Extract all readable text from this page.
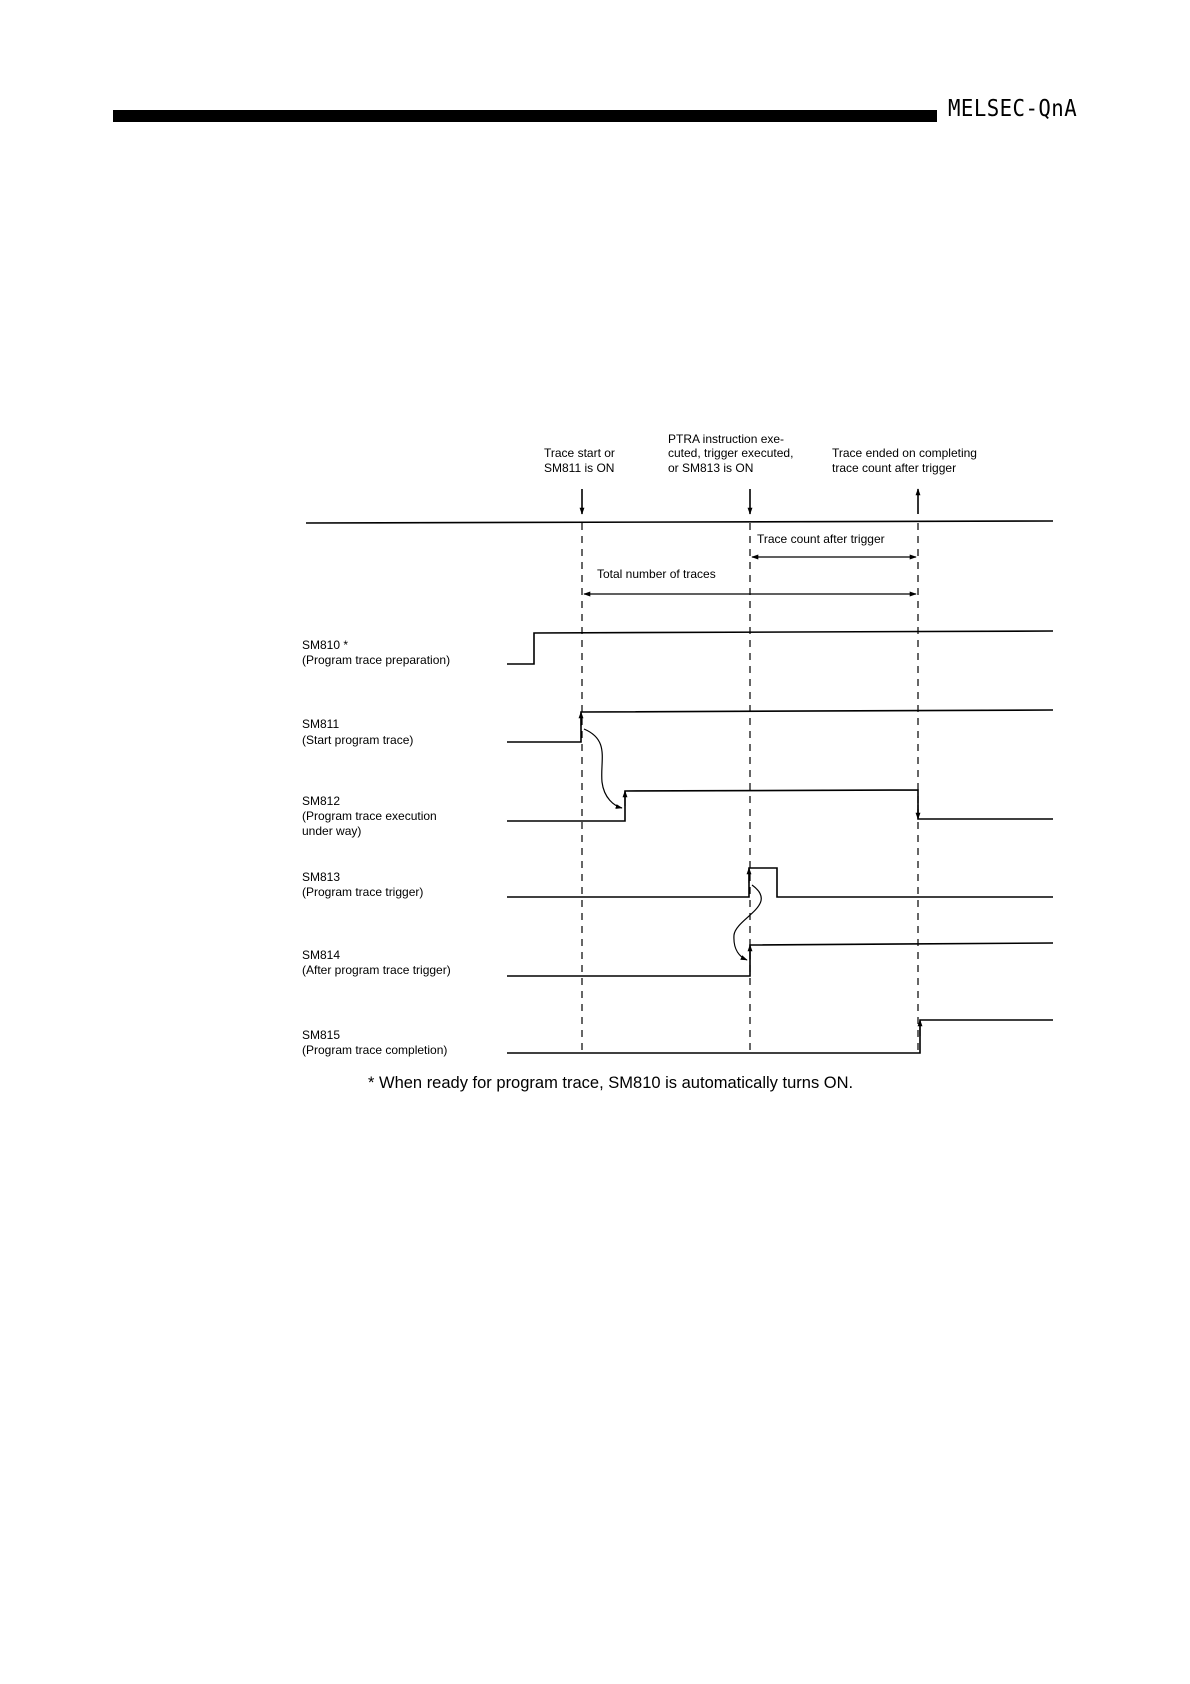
MELSEC-QnA
Trace start or
SM811 is ON
PTRA instruction exe-
cuted, trigger executed,
or SM813 is ON
Trace ended on completing
trace count after trigger
Trace count after trigger
Total number of traces
SM810 *
(Program trace preparation)
SM811
(Start program trace)
SM812
(Program trace execution
under way)
SM813
(Program trace trigger)
SM814
(After program trace trigger)
SM815
(Program trace completion)
* When ready for program trace, SM810 is automatically turns ON.
